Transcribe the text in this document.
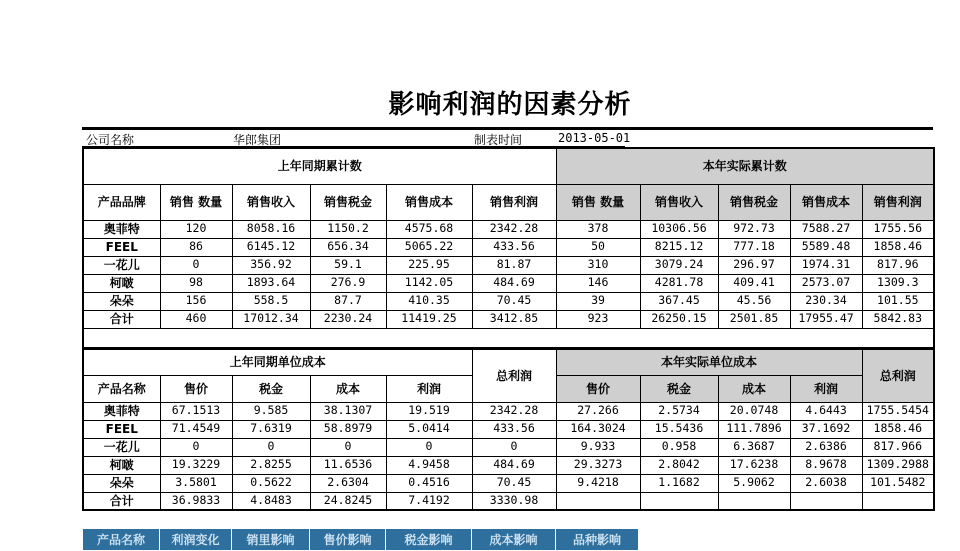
影响利润的因素分析
公司名称	华郎集团	制表时间	2013-05-01
上年同期累计数						本年实际累计数				
产品品牌	销售 数量	销售收入	销售税金	销售成本	销售利润	销售 数量	销售收入	销售税金	销售成本	销售利润
奥菲特	120	8058.16	1150.2	4575.68	2342.28	378	10306.56	972.73	7588.27	1755.56
FEEL	86	6145.12	656.34	5065.22	433.56	50	8215.12	777.18	5589.48	1858.46
一花儿	0	356.92	59.1	225.95	81.87	310	3079.24	296.97	1974.31	817.96
柯啵	98	1893.64	276.9	1142.05	484.69	146	4281.78	409.41	2573.07	1309.3
朵朵	156	558.5	87.7	410.35	70.45	39	367.45	45.56	230.34	101.55
合计	460	17012.34	2230.24	11419.25	3412.85	923	26250.15	2501.85	17955.47	5842.83

上年同期单位成本					总利润	本年实际单位成本				总利润
产品名称	售价	税金	成本	利润		售价	税金	成本	利润	
奥菲特	67.1513	9.585	38.1307	19.519	2342.28	27.266	2.5734	20.0748	4.6443	1755.5454
FEEL	71.4549	7.6319	58.8979	5.0414	433.56	164.3024	15.5436	111.7896	37.1692	1858.46
一花儿	0	0	0	0	0	9.933	0.958	6.3687	2.6386	817.966
柯啵	19.3229	2.8255	11.6536	4.9458	484.69	29.3273	2.8042	17.6238	8.9678	1309.2988
朵朵	3.5801	0.5622	2.6304	0.4516	70.45	9.4218	1.1682	5.9062	2.6038	101.5482
合计	36.9833	4.8483	24.8245	7.4192	3330.98					
产品名称	利润变化	销里影响	售价影响	税金影响	成本影响	品种影响
